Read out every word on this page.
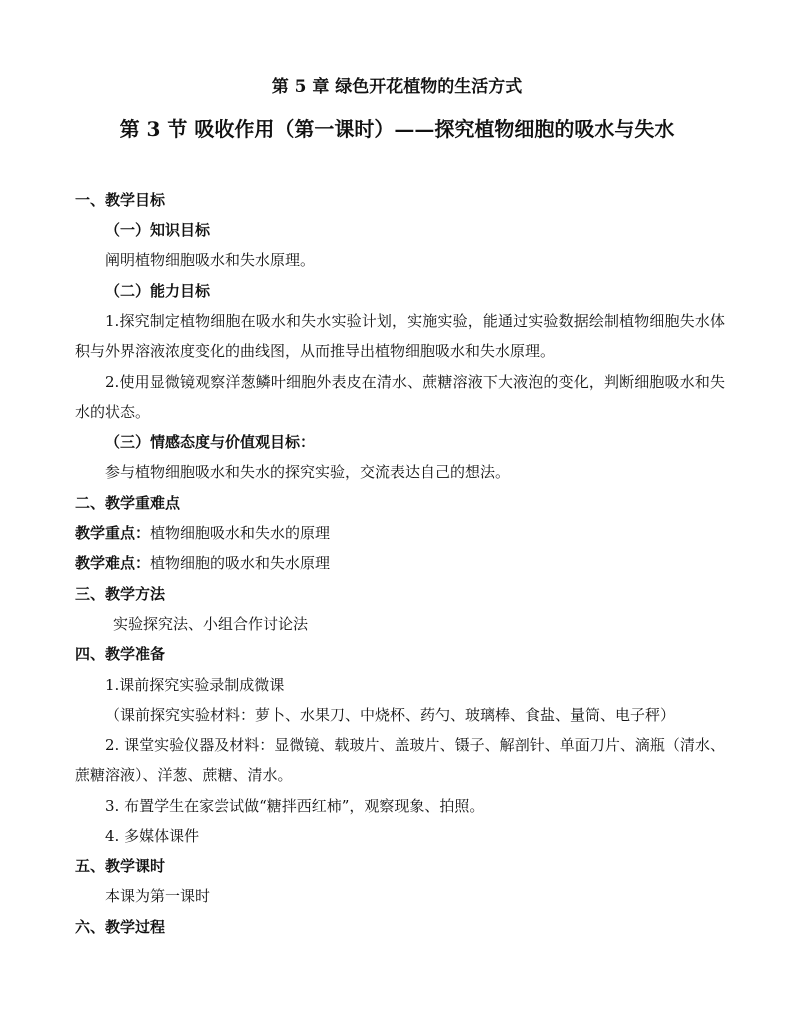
第 5 章 绿色开花植物的生活方式
第 3 节 吸收作用（第一课时）——探究植物细胞的吸水与失水
一、教学目标
（一）知识目标
阐明植物细胞吸水和失水原理。
（二）能力目标
1.探究制定植物细胞在吸水和失水实验计划，实施实验，能通过实验数据绘制植物细胞失水体积与外界溶液浓度变化的曲线图，从而推导出植物细胞吸水和失水原理。
2.使用显微镜观察洋葱鳞叶细胞外表皮在清水、蔗糖溶液下大液泡的变化，判断细胞吸水和失水的状态。
（三）情感态度与价值观目标：
参与植物细胞吸水和失水的探究实验，交流表达自己的想法。
二、教学重难点
教学重点：植物细胞吸水和失水的原理
教学难点：植物细胞的吸水和失水原理
三、教学方法
实验探究法、小组合作讨论法
四、教学准备
1.课前探究实验录制成微课
（课前探究实验材料：萝卜、水果刀、中烧杯、药勺、玻璃棒、食盐、量筒、电子秤）
2. 课堂实验仪器及材料：显微镜、载玻片、盖玻片、镊子、解剖针、单面刀片、滴瓶（清水、蔗糖溶液）、洋葱、蔗糖、清水。
3. 布置学生在家尝试做“糖拌西红柿”，观察现象、拍照。
4. 多媒体课件
五、教学课时
本课为第一课时
六、教学过程
